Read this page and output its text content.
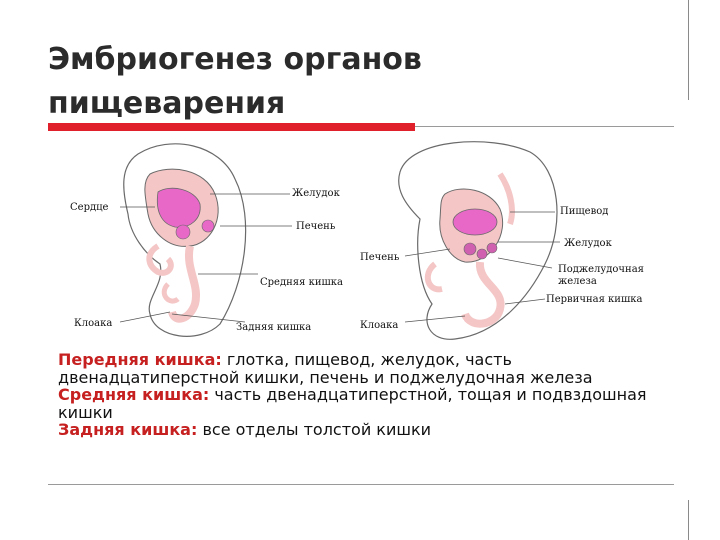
Эмбриогенез органов
пищеварения
Сердце
Желудок
Печень
Средняя кишка
Клоака	Задняя кишка
Печень
Пищевод
Желудок
Поджелудочная
железа
Первичная кишка
Клоака
Передняя кишка: глотка, пищевод, желудок, часть двенадцатиперстной кишки, печень и поджелудочная железа
Средняя кишка: часть двенадцатиперстной, тощая и подвздошная кишки
Задняя кишка: все отделы толстой кишки
